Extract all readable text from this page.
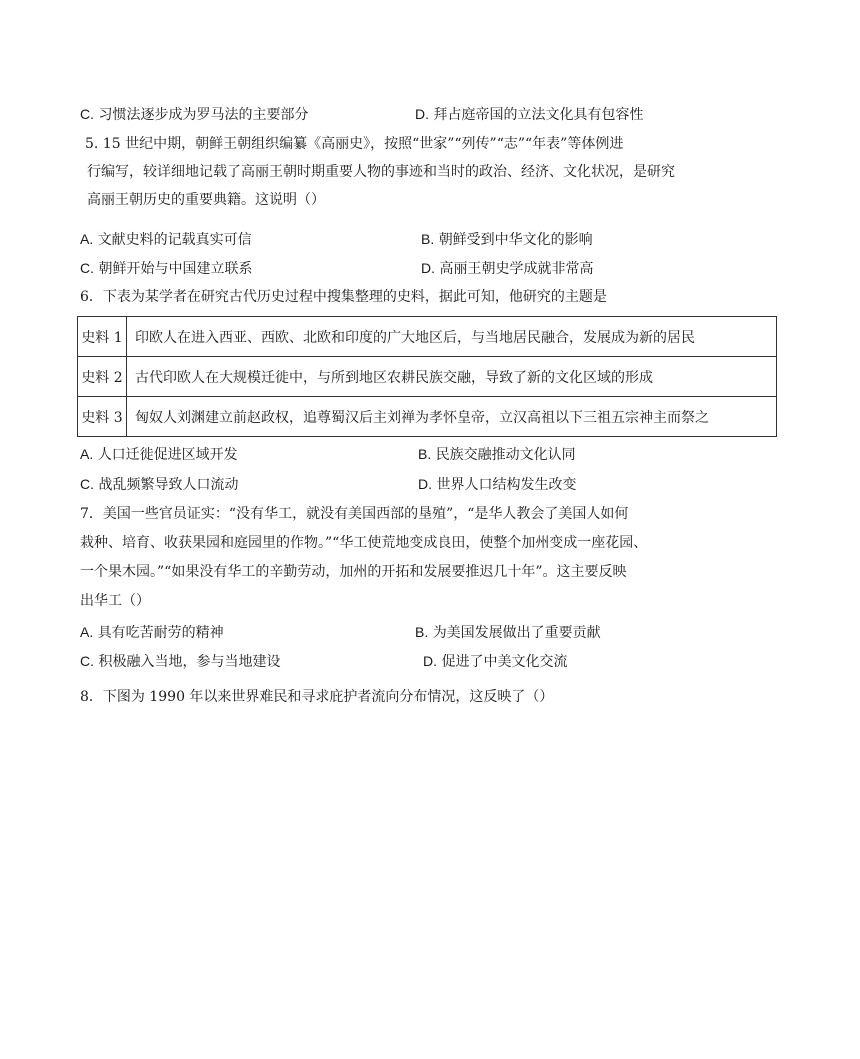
C. 习惯法逐步成为罗马法的主要部分	D. 拜占庭帝国的立法文化具有包容性
5. 15 世纪中期，朝鲜王朝组织编纂《高丽史》，按照“世家”“列传”“志”“年表”等体例进
行编写，较详细地记载了高丽王朝时期重要人物的事迹和当时的政治、经济、文化状况，是研究
高丽王朝历史的重要典籍。这说明（）
A. 文献史料的记载真实可信	B. 朝鲜受到中华文化的影响
C. 朝鲜开始与中国建立联系	D. 高丽王朝史学成就非常高
6．下表为某学者在研究古代历史过程中搜集整理的史料，据此可知，他研究的主题是
史料 1	印欧人在进入西亚、西欧、北欧和印度的广大地区后，与当地居民融合，发展成为新的居民
史料 2	古代印欧人在大规模迁徙中，与所到地区农耕民族交融，导致了新的文化区域的形成
史料 3	匈奴人刘渊建立前赵政权，追尊蜀汉后主刘禅为孝怀皇帝，立汉高祖以下三祖五宗神主而祭之
A. 人口迁徙促进区域开发	B. 民族交融推动文化认同
C. 战乱频繁导致人口流动	D. 世界人口结构发生改变
7．美国一些官员证实：“没有华工，就没有美国西部的垦殖”，“是华人教会了美国人如何
栽种、培育、收获果园和庭园里的作物。”“华工使荒地变成良田，使整个加州变成一座花园、
一个果木园。”“如果没有华工的辛勤劳动，加州的开拓和发展要推迟几十年”。这主要反映
出华工（）
A. 具有吃苦耐劳的精神	B. 为美国发展做出了重要贡献
C. 积极融入当地，参与当地建设	D. 促进了中美文化交流
8．下图为 1990 年以来世界难民和寻求庇护者流向分布情况，这反映了（）
